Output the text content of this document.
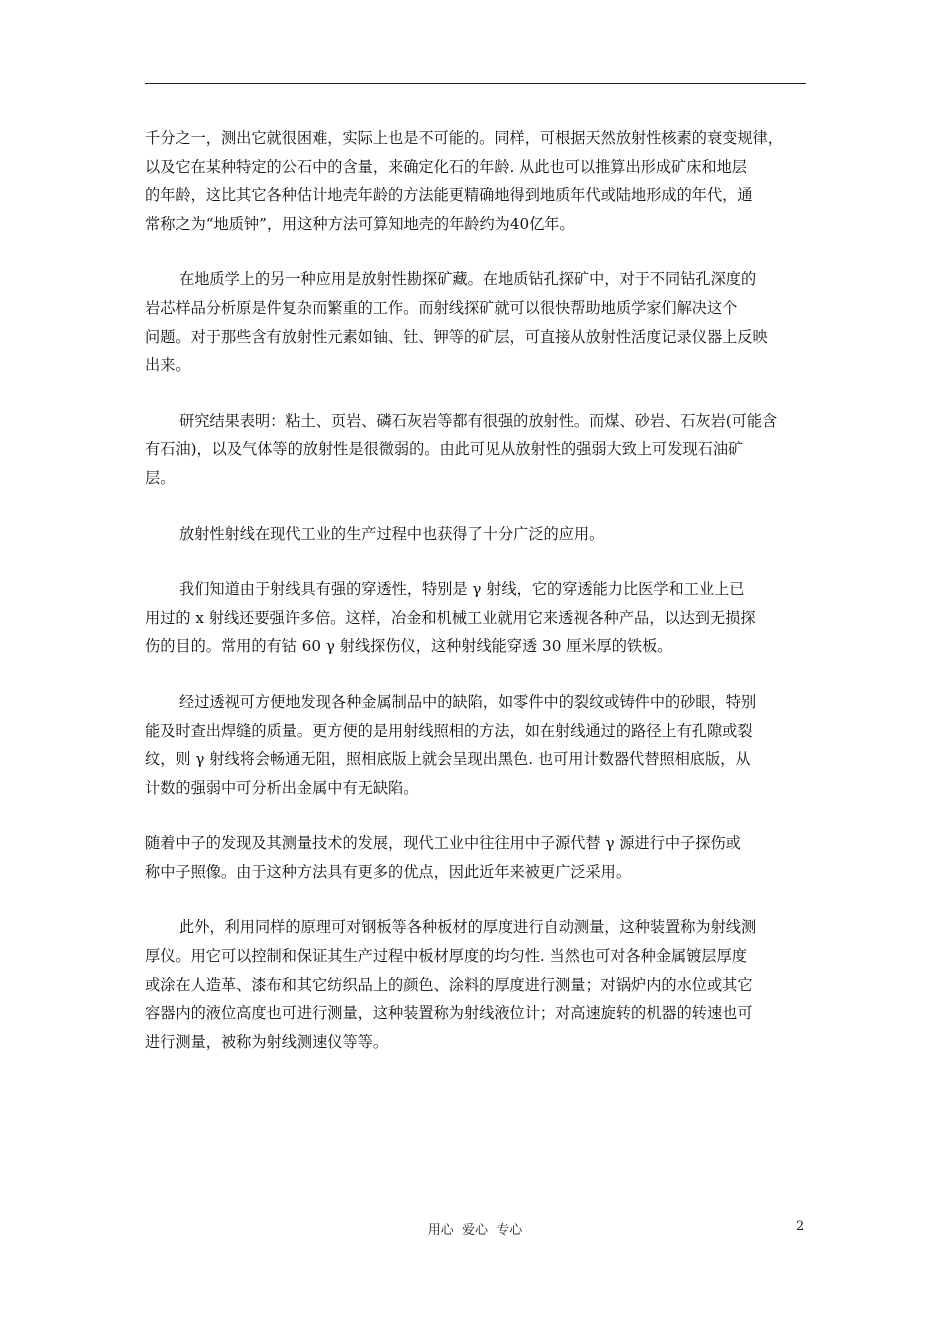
千分之一，测出它就很困难，实际上也是不可能的。同样，可根据天然放射性核素的衰变规律，
以及它在某种特定的公石中的含量，来确定化石的年龄. 从此也可以推算出形成矿床和地层
的年龄，这比其它各种估计地壳年龄的方法能更精确地得到地质年代或陆地形成的年代，通
常称之为“地质钟”，用这种方法可算知地壳的年龄约为40亿年。

在地质学上的另一种应用是放射性勘探矿藏。在地质钻孔探矿中，对于不同钻孔深度的
岩芯样品分析原是件复杂而繁重的工作。而射线探矿就可以很快帮助地质学家们解决这个
问题。对于那些含有放射性元素如铀、钍、钾等的矿层，可直接从放射性活度记录仪器上反映
出来。

研究结果表明：粘土、页岩、磷石灰岩等都有很强的放射性。而煤、砂岩、石灰岩(可能含
有石油)，以及气体等的放射性是很微弱的。由此可见从放射性的强弱大致上可发现石油矿
层。

放射性射线在现代工业的生产过程中也获得了十分广泛的应用。

我们知道由于射线具有强的穿透性，特别是 γ 射线，它的穿透能力比医学和工业上已
用过的 x 射线还要强许多倍。这样，冶金和机械工业就用它来透视各种产品，以达到无损探
伤的目的。常用的有钴 60 γ 射线探伤仪，这种射线能穿透 30 厘米厚的铁板。

经过透视可方便地发现各种金属制品中的缺陷，如零件中的裂纹或铸件中的砂眼，特别
能及时查出焊缝的质量。更方便的是用射线照相的方法，如在射线通过的路径上有孔隙或裂
纹，则 γ 射线将会畅通无阻，照相底版上就会呈现出黑色. 也可用计数器代替照相底版，从
计数的强弱中可分析出金属中有无缺陷。

随着中子的发现及其测量技术的发展，现代工业中往往用中子源代替 γ 源进行中子探伤或
称中子照像。由于这种方法具有更多的优点，因此近年来被更广泛采用。

此外，利用同样的原理可对钢板等各种板材的厚度进行自动测量，这种装置称为射线测
厚仪。用它可以控制和保证其生产过程中板材厚度的均匀性. 当然也可对各种金属镀层厚度
或涂在人造革、漆布和其它纺织品上的颜色、涂料的厚度进行测量；对锅炉内的水位或其它
容器内的液位高度也可进行测量，这种装置称为射线液位计；对高速旋转的机器的转速也可
进行测量，被称为射线测速仪等等。

用心  爱心  专心	2
